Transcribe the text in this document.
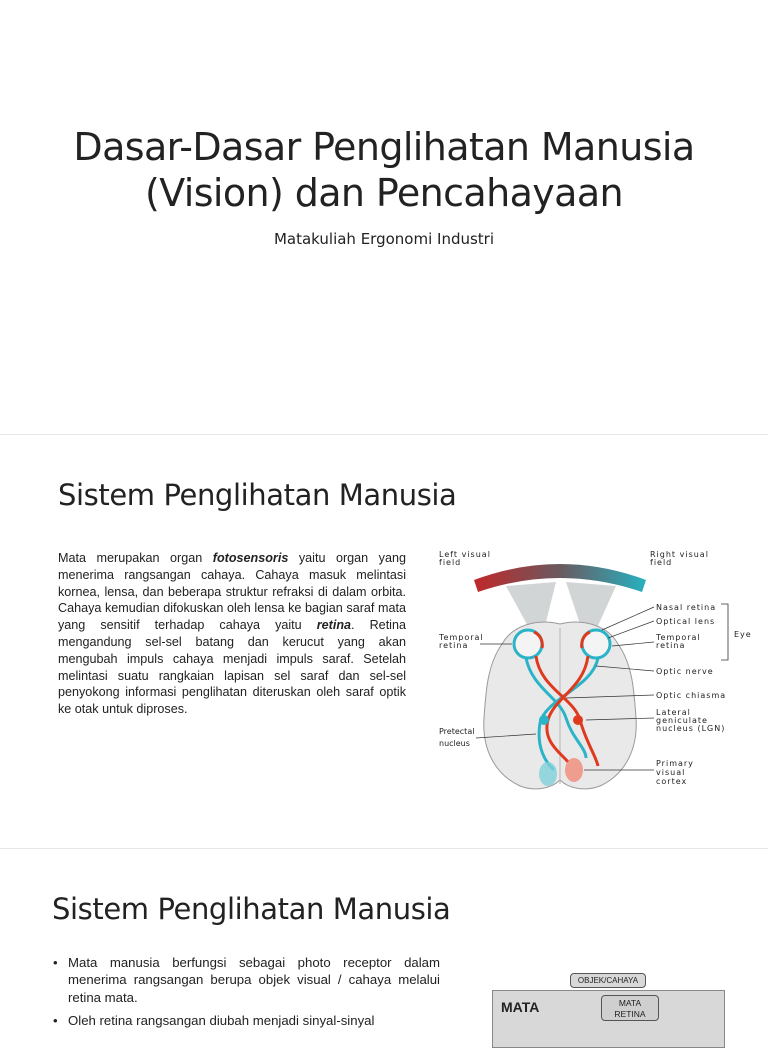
Dasar-Dasar Penglihatan Manusia
(Vision) dan Pencahayaan
Matakuliah Ergonomi Industri
Sistem Penglihatan Manusia
Mata merupakan organ fotosensoris yaitu organ yang menerima rangsangan cahaya. Cahaya masuk melintasi kornea, lensa, dan beberapa struktur refraksi di dalam orbita. Cahaya kemudian difokuskan oleh lensa ke bagian saraf mata yang sensitif terhadap cahaya yaitu retina. Retina mengandung sel-sel batang dan kerucut yang akan mengubah impuls cahaya menjadi impuls saraf. Setelah melintasi suatu rangkaian lapisan sel saraf dan sel-sel penyokong informasi penglihatan diteruskan oleh saraf optik ke otak untuk diproses.
Left visual
field
Right visual
field
Nasal retina
Optical lens
Temporal
retina
Eye
Temporal
retina
Optic nerve
Optic chiasma
Lateral
geniculate
nucleus (LGN)
Pretectal
nucleus
Primary
visual
cortex
Sistem Penglihatan Manusia
• Mata manusia berfungsi sebagai photo receptor dalam menerima rangsangan berupa objek visual / cahaya melalui retina mata.
• Oleh retina rangsangan diubah menjadi sinyal-sinyal
OBJEK/CAHAYA
MATA	MATA
RETINA
